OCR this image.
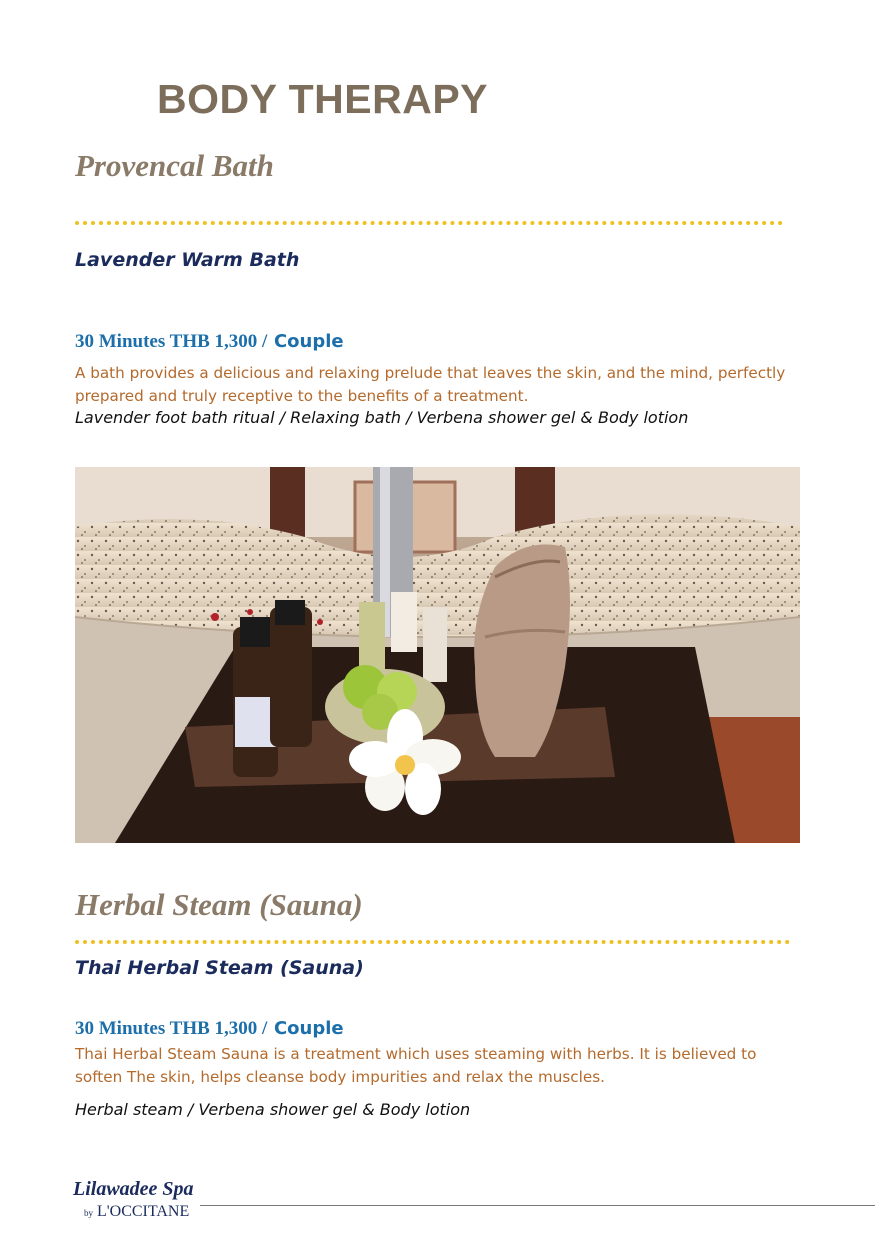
BODY THERAPY
Provencal Bath
Lavender Warm Bath
30 Minutes THB 1,300 / Couple
A bath provides a delicious and relaxing prelude that leaves the skin, and the mind, perfectly prepared and truly receptive to the benefits of a treatment.
Lavender foot bath ritual / Relaxing bath / Verbena shower gel & Body lotion
Herbal Steam (Sauna)
Thai Herbal Steam (Sauna)
30 Minutes THB 1,300 / Couple
Thai Herbal Steam Sauna is a treatment which uses steaming with herbs. It is believed to soften The skin, helps cleanse body impurities and relax the muscles.
Herbal steam / Verbena shower gel & Body lotion
Lilawadee Spa
by L'OCCITANE
